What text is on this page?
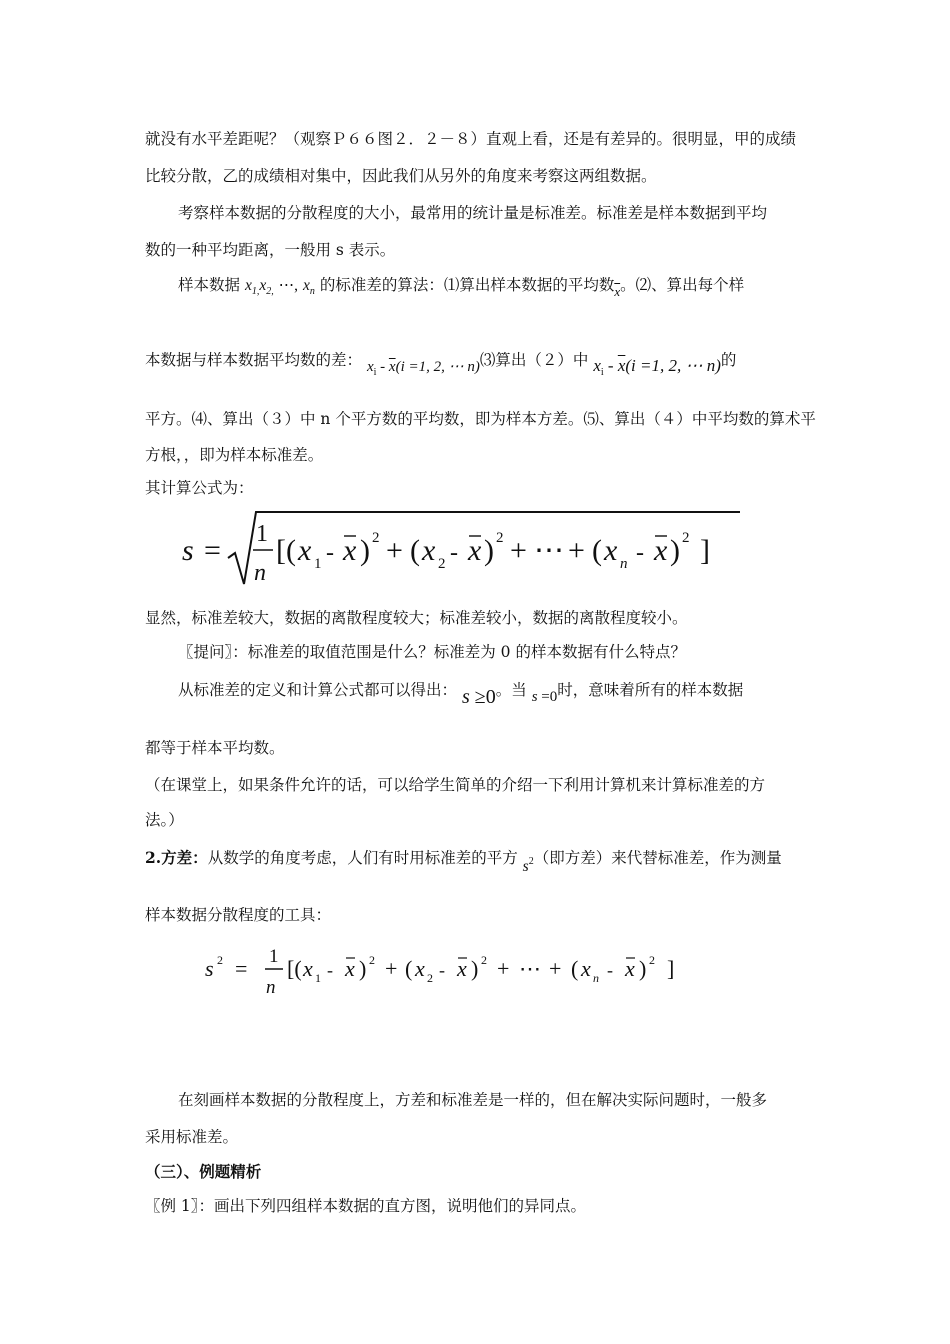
就没有水平差距呢？（观察Ｐ６６图２．２－８）直观上看，还是有差异的。很明显，甲的成绩
比较分散，乙的成绩相对集中，因此我们从另外的角度来考察这两组数据。
考察样本数据的分散程度的大小，最常用的统计量是标准差。标准差是样本数据到平均
数的一种平均距离，一般用 s 表示。
样本数据 $x_{1,}x_{2,}$ ⋯, $x_n$ 的标准差的算法：⑴算出样本数据的平均数$_{\overline{x}}$。⑵、算出每个样
本数据与样本数据平均数的差： $x_i - \overline{x}(i =1$, 2, ⋯ n)⑶算出（２）中 $x_i - \overline{x}(i =1$, 2, ⋯ n)的
平方。⑷、算出（３）中 n 个平方数的平均数，即为样本方差。⑸、算出（４）中平均数的算术平
方根，，即为样本标准差。
其计算公式为：
s = 1
n
[( x 1 - x ) 2 + ( x 2 - x ) 2 + ⋯ + ( x n - x ) 2 ]
显然，标准差较大，数据的离散程度较大；标准差较小，数据的离散程度较小。
〖提问〗：标准差的取值范围是什么？标准差为 0 的样本数据有什么特点？
从标准差的定义和计算公式都可以得出： s ≥0。当 s =0时，意味着所有的样本数据
都等于样本平均数。
（在课堂上，如果条件允许的话，可以给学生简单的介绍一下利用计算机来计算标准差的方
法。）
2.方差：从数学的角度考虑，人们有时用标准差的平方 $s^2$（即方差）来代替标准差，作为测量
样本数据分散程度的工具：
s 2 = 1
n
[( x 1 - x ) 2 + ( x 2 - x ) 2 + ⋯ + ( x n - x ) 2 ]
在刻画样本数据的分散程度上，方差和标准差是一样的，但在解决实际问题时，一般多
采用标准差。
（三）、例题精析
〖例 1〗：画出下列四组样本数据的直方图，说明他们的异同点。
